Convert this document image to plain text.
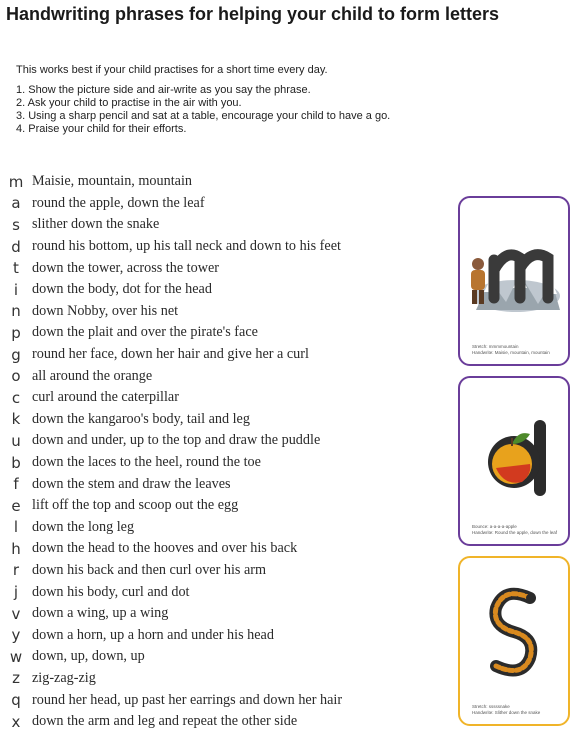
Handwriting phrases for helping your child to form letters
This works best if your child practises for a short time every day.
1. Show the picture side and air-write as you say the phrase.
2. Ask your child to practise in the air with you.
3. Using a sharp pencil and sat at a table, encourage your child to have a go.
4. Praise your child for their efforts.
m Maisie, mountain, mountain
a round the apple, down the leaf
s slither down the snake
d round his bottom, up his tall neck and down to his feet
t down the tower, across the tower
i down the body, dot for the head
n down Nobby, over his net
p down the plait and over the pirate's face
g round her face, down her hair and give her a curl
o all around the orange
c curl around the caterpillar
k down the kangaroo's body, tail and leg
u down and under, up to the top and draw the puddle
b down the laces to the heel, round the toe
f down the stem and draw the leaves
e lift off the top and scoop out the egg
l down the long leg
h down the head to the hooves and over his back
r down his back and then curl over his arm
j down his body, curl and dot
v down a wing, up a wing
y down a horn, up a horn and under his head
w down, up, down, up
z zig-zag-zig
q round her head, up past her earrings and down her hair
x down the arm and leg and repeat the other side
Stretch: mmmmountain
Handwrite: Maisie, mountain, mountain
Bounce: a-a-a-a-apple
Handwrite: Round the apple, down the leaf
Stretch: sssssnake
Handwrite: Slither down the snake
